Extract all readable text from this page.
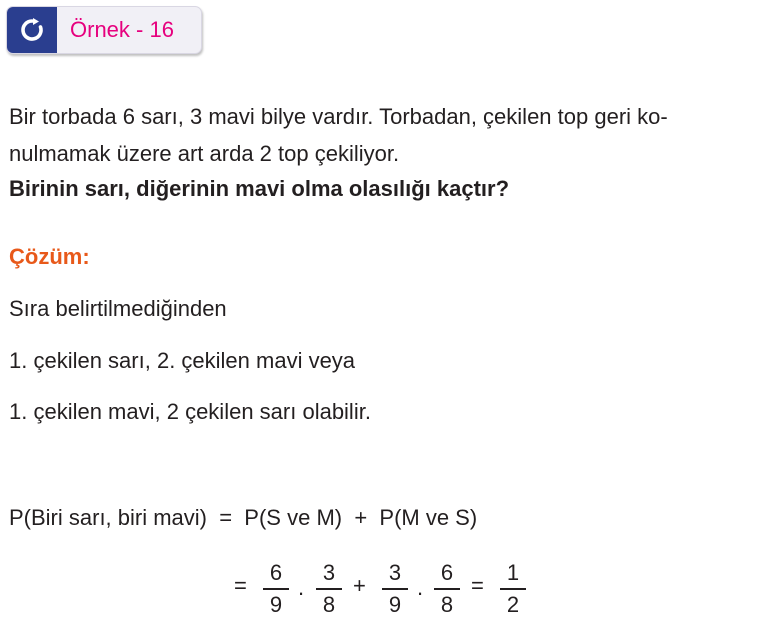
Örnek - 16
Bir torbada 6 sarı, 3 mavi bilye vardır. Torbadan, çekilen top geri ko-
nulmamak üzere art arda 2 top çekiliyor.
Birinin sarı, diğerinin mavi olma olasılığı kaçtır?
Çözüm:
Sıra belirtilmediğinden
1. çekilen sarı, 2. çekilen mavi veya
1. çekilen mavi, 2 çekilen sarı olabilir.
P(Biri sarı, biri mavi)  =  P(S ve M)  +  P(M ve S)
=
6
9
.
3
8
+
3
9
.
6
8
=
1
2
